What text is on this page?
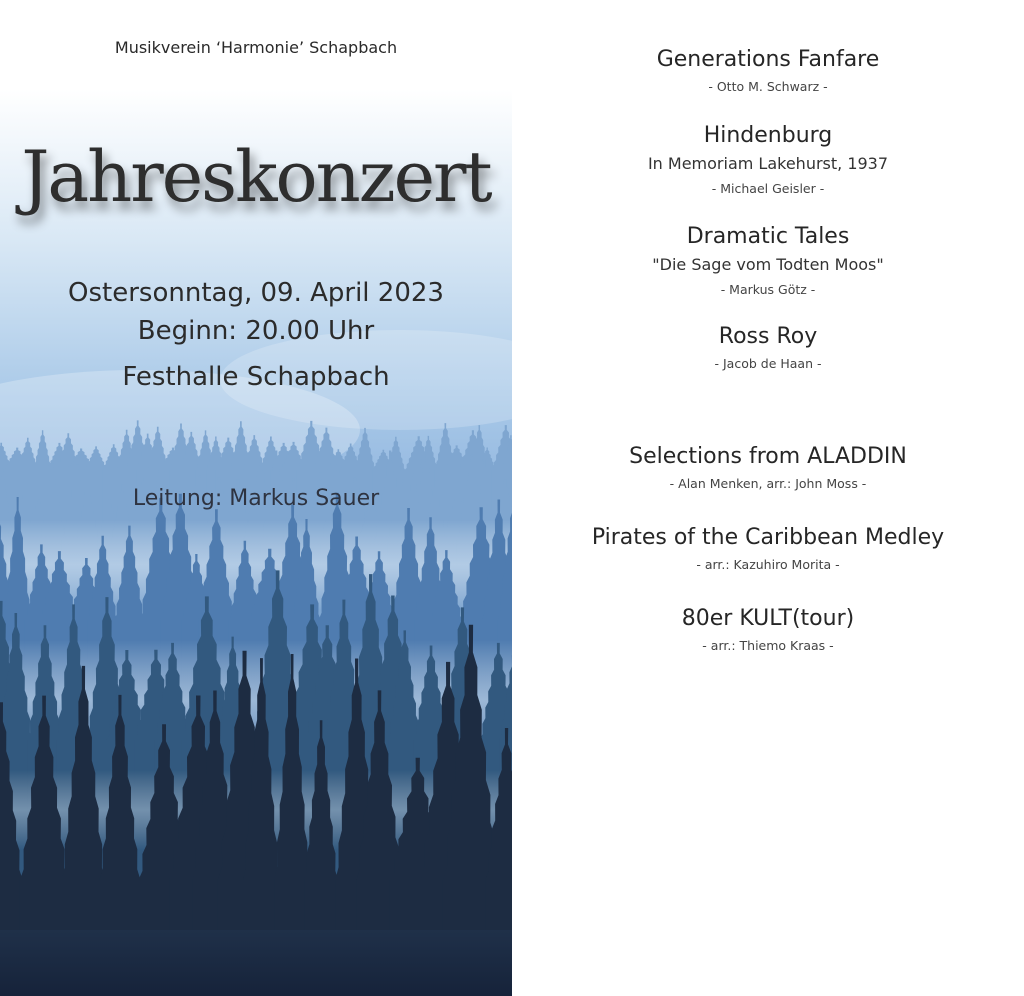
Musikverein ‘Harmonie’ Schapbach
Jahreskonzert
Ostersonntag, 09. April 2023
Beginn: 20.00 Uhr
Festhalle Schapbach
Leitung: Markus Sauer
Generations Fanfare
- Otto M. Schwarz -
Hindenburg
In Memoriam Lakehurst, 1937
- Michael Geisler -
Dramatic Tales
"Die Sage vom Todten Moos"
- Markus Götz -
Ross Roy
- Jacob de Haan -
Selections from ALADDIN
- Alan Menken, arr.: John Moss -
Pirates of the Caribbean Medley
- arr.: Kazuhiro Morita -
80er KULT(tour)
- arr.: Thiemo Kraas -
